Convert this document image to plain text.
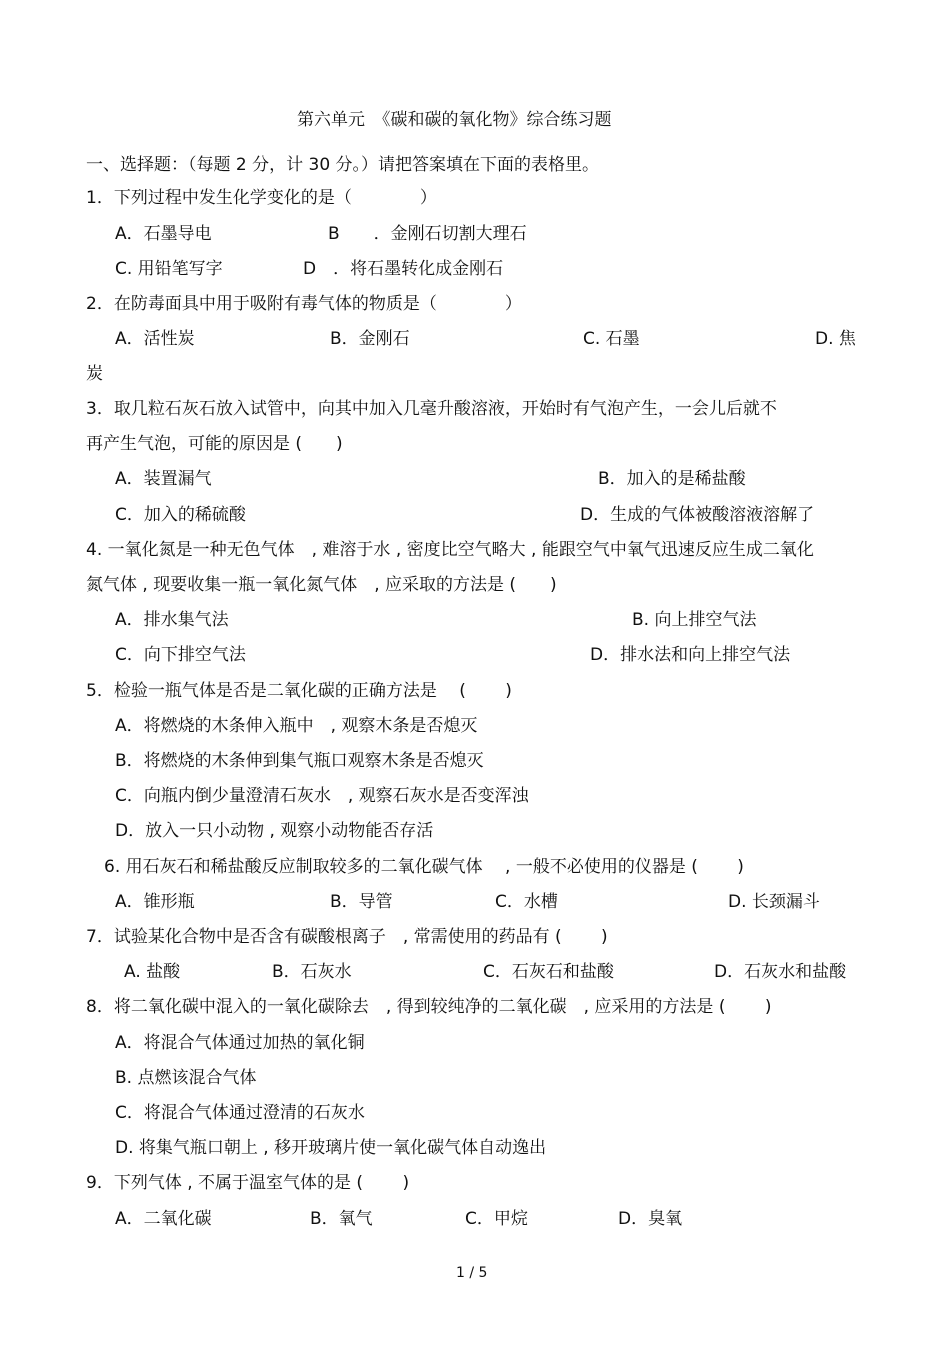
第六单元　《碳和碳的氧化物》综合练习题
一、选择题：（每题 2 分，计 30 分。）请把答案填在下面的表格里。
1．下列过程中发生化学变化的是（　　　　）
A．石墨导电	B　　．金刚石切割大理石
C. 用铅笔写字	D　．将石墨转化成金刚石
2．在防毒面具中用于吸附有毒气体的物质是（　　　　）
A．活性炭	B．金刚石	C. 石墨	D. 焦
炭
3．取几粒石灰石放入试管中，向其中加入几毫升酸溶液，开始时有气泡产生，一会儿后就不
再产生气泡，可能的原因是 (　　)
A．装置漏气	B．加入的是稀盐酸
C．加入的稀硫酸	D．生成的气体被酸溶液溶解了
4. 一氧化氮是一种无色气体　, 难溶于水 , 密度比空气略大 , 能跟空气中氧气迅速反应生成二氧化
氮气体 , 现要收集一瓶一氧化氮气体　, 应采取的方法是 (　　)
A．排水集气法	B. 向上排空气法
C．向下排空气法	D．排水法和向上排空气法
5．检验一瓶气体是否是二氧化碳的正确方法是　 (　　 )
A．将燃烧的木条伸入瓶中　, 观察木条是否熄灭
B．将燃烧的木条伸到集气瓶口观察木条是否熄灭
C．向瓶内倒少量澄清石灰水　, 观察石灰水是否变浑浊
D．放入一只小动物 , 观察小动物能否存活
6. 用石灰石和稀盐酸反应制取较多的二氧化碳气体　 , 一般不必使用的仪器是 (　　 )
A．锥形瓶	B．导管	C．水槽	D. 长颈漏斗
7．试验某化合物中是否含有碳酸根离子　, 常需使用的药品有 (　　 )
A. 盐酸	B．石灰水	C．石灰石和盐酸	D．石灰水和盐酸
8．将二氧化碳中混入的一氧化碳除去　, 得到较纯净的二氧化碳　, 应采用的方法是 (　　 )
A．将混合气体通过加热的氧化铜
B. 点燃该混合气体
C．将混合气体通过澄清的石灰水
D. 将集气瓶口朝上 , 移开玻璃片使一氧化碳气体自动逸出
9．下列气体 , 不属于温室气体的是 (　　 )
A．二氧化碳	B．氧气	C．甲烷	D．臭氧
1 / 5
